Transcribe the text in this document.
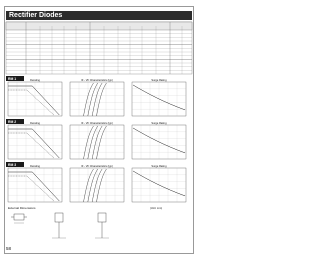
Rectifier Diodes
RM 1	Derating	IF - VF Characteristics (typ)	Surge Rating
RM 2	Derating	IF - VF Characteristics (typ)	Surge Rating
RM 3	Derating	IF - VF Characteristics (typ)	Surge Rating
External Dimensions	(Unit: mm)
58
